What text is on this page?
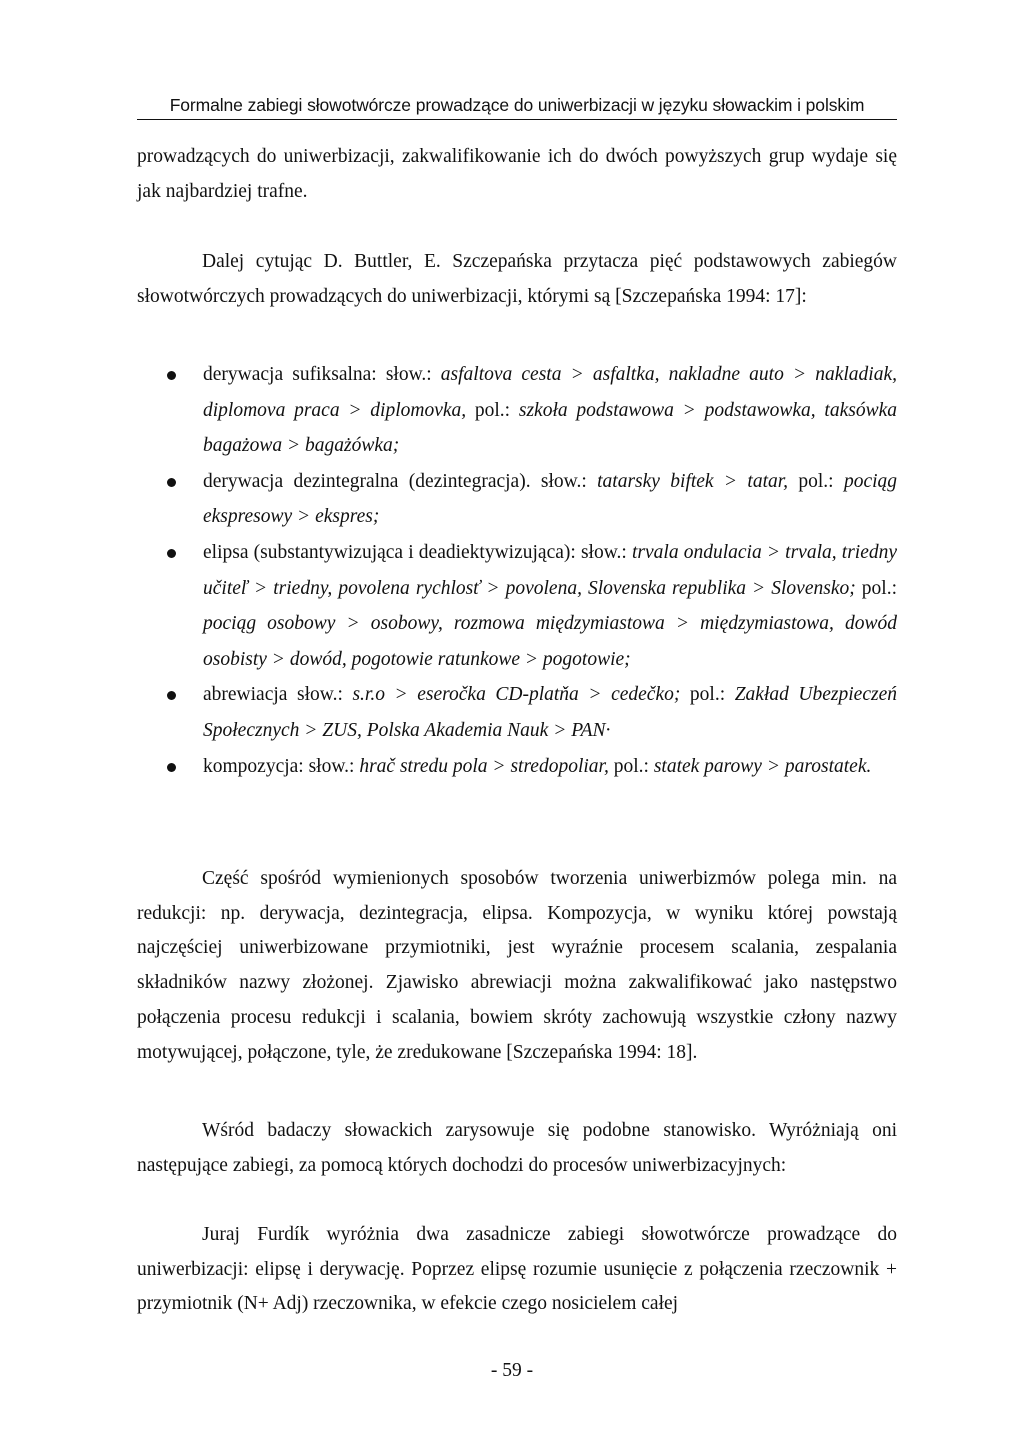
Formalne zabiegi słowotwórcze prowadzące do uniwerbizacji w języku słowackim i polskim

prowadzących do uniwerbizacji, zakwalifikowanie ich do dwóch powyższych grup wydaje się jak najbardziej trafne.

Dalej cytując D. Buttler, E. Szczepańska przytacza pięć podstawowych zabiegów słowotwórczych prowadzących do uniwerbizacji, którymi są [Szczepańska 1994: 17]:

derywacja sufiksalna: słow.: asfaltova cesta > asfaltka, nakladne auto > nakladiak, diplomova praca > diplomovka, pol.: szkoła podstawowa > podstawowka, taksówka bagażowa > bagażówka;
derywacja dezintegralna (dezintegracja). słow.: tatarsky biftek > tatar, pol.: pociąg ekspresowy > ekspres;
elipsa (substantywizująca i deadiektywizująca): słow.: trvala ondulacia > trvala, triedny učiteľ > triedny, povolena rychlosť > povolena, Slovenska republika > Slovensko; pol.: pociąg osobowy > osobowy, rozmowa międzymiastowa > międzymiastowa, dowód osobisty > dowód, pogotowie ratunkowe > pogotowie;
abrewiacja słow.: s.r.o > eseročka CD-platňa > cedečko; pol.: Zakład Ubezpieczeń Społecznych > ZUS, Polska Akademia Nauk > PAN·
kompozycja: słow.: hrač stredu pola > stredopoliar, pol.: statek parowy > parostatek.

Część spośród wymienionych sposobów tworzenia uniwerbizmów polega min. na redukcji: np. derywacja, dezintegracja, elipsa. Kompozycja, w wyniku której powstają najczęściej uniwerbizowane przymiotniki, jest wyraźnie procesem scalania, zespalania składników nazwy złożonej. Zjawisko abrewiacji można zakwalifikować jako następstwo połączenia procesu redukcji i scalania, bowiem skróty zachowują wszystkie człony nazwy motywującej, połączone, tyle, że zredukowane [Szczepańska 1994: 18].

Wśród badaczy słowackich zarysowuje się podobne stanowisko. Wyróżniają oni następujące zabiegi, za pomocą których dochodzi do procesów uniwerbizacyjnych:

Juraj Furdík wyróżnia dwa zasadnicze zabiegi słowotwórcze prowadzące do uniwerbizacji: elipsę i derywację. Poprzez elipsę rozumie usunięcie z połączenia rzeczownik + przymiotnik (N+ Adj) rzeczownika, w efekcie czego nosicielem całej

- 59 -
